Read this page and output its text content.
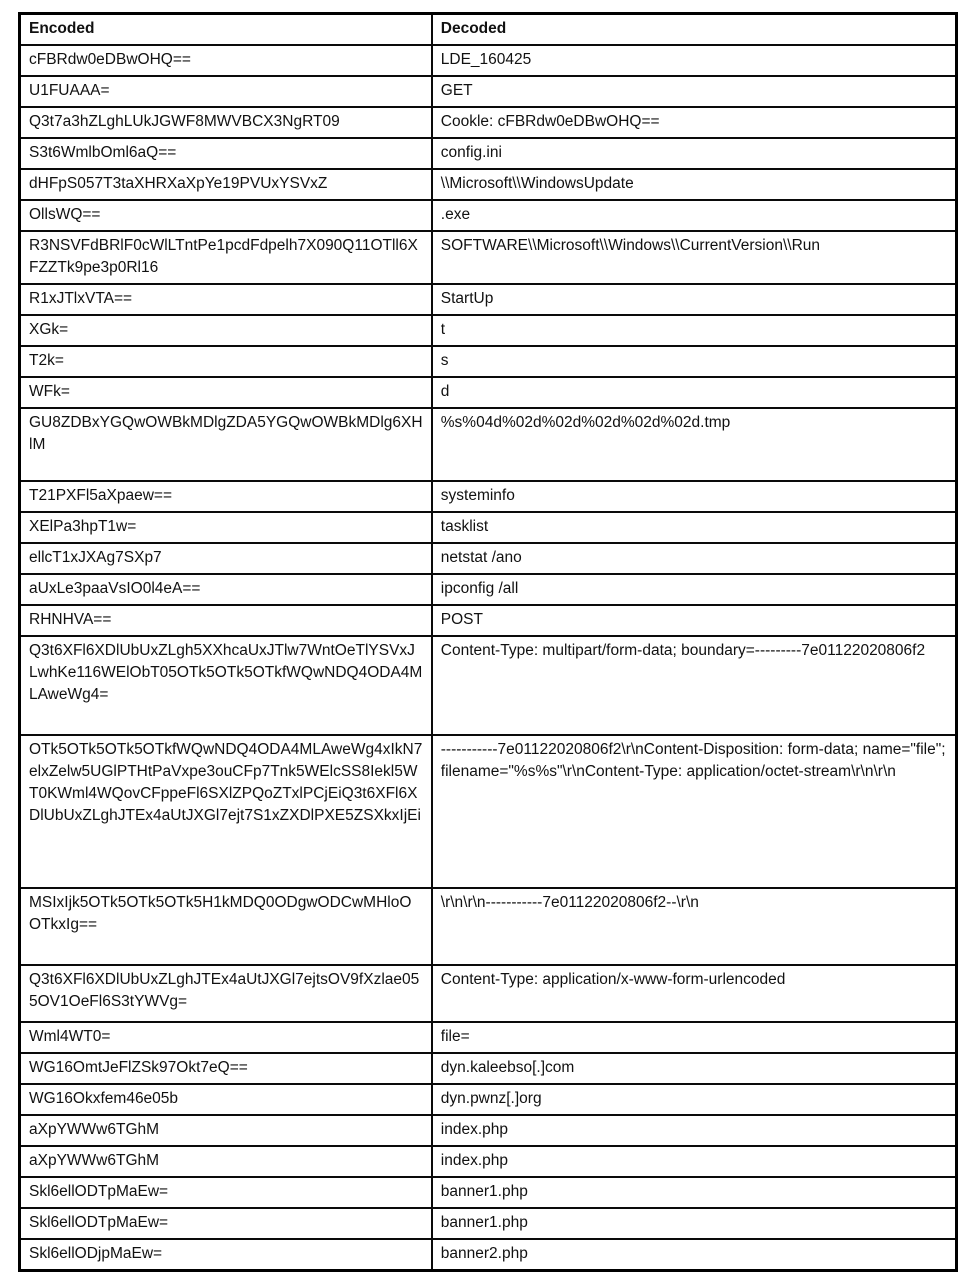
Encoded	Decoded
cFBRdw0eDBwOHQ==	LDE_160425
U1FUAAA=	GET
Q3t7a3hZLghLUkJGWF8MWVBCX3NgRT09	Cookle: cFBRdw0eDBwOHQ==
S3t6WmlbOml6aQ==	config.ini
dHFpS057T3taXHRXaXpYe19PVUxYSVxZ	\\Microsoft\\WindowsUpdate
OllsWQ==	.exe
R3NSVFdBRlF0cWlLTntPe1pcdFdpelh7X090Q11OTll6XFZZTk9pe3p0Rl16	SOFTWARE\\Microsoft\\Windows\\CurrentVersion\\Run
R1xJTlxVTA==	StartUp
XGk=	t
T2k=	s
WFk=	d
GU8ZDBxYGQwOWBkMDlgZDA5YGQwOWBkMDlg6XHlM	%s%04d%02d%02d%02d%02d%02d.tmp
T21PXFl5aXpaew==	systeminfo
XElPa3hpT1w=	tasklist
ellcT1xJXAg7SXp7	netstat /ano
aUxLe3paaVsIO0l4eA==	ipconfig /all
RHNHVA==	POST
Q3t6XFl6XDlUbUxZLgh5XXhcaUxJTlw7WntOeTlYSVxJLwhKe116WElObT05OTk5OTk5OTkfWQwNDQ4ODA4MLAweWg4=	Content-Type: multipart/form-data; boundary=---------7e01122020806f2
OTk5OTk5OTk5OTkfWQwNDQ4ODA4MLAweWg4xIkN7elxZelw5UGlPTHtPaVxpe3ouCFp7Tnk5WElcSS8Iekl5WT0KWml4WQovCFppeFl6SXlZPQoZTxlPCjEiQ3t6XFl6XDlUbUxZLghJTEx4aUtJXGl7ejt7S1xZXDlPXE5ZSXkxIjEi	-----------7e01122020806f2\r\nContent-Disposition: form-data; name="file"; filename="%s%s"\r\nContent-Type: application/octet-stream\r\n\r\n
MSIxIjk5OTk5OTk5OTk5H1kMDQ0ODgwODCwMHloOOTkxIg==	\r\n\r\n-----------7e01122020806f2--\r\n
Q3t6XFl6XDlUbUxZLghJTEx4aUtJXGl7ejtsOV9fXzlae055OV1OeFl6S3tYWVg=	Content-Type: application/x-www-form-urlencoded
Wml4WT0=	file=
WG16OmtJeFlZSk97Okt7eQ==	dyn.kaleebso[.]com
WG16Okxfem46e05b	dyn.pwnz[.]org
aXpYWWw6TGhM	index.php
aXpYWWw6TGhM	index.php
Skl6ellODTpMaEw=	banner1.php
Skl6ellODTpMaEw=	banner1.php
Skl6ellODjpMaEw=	banner2.php
